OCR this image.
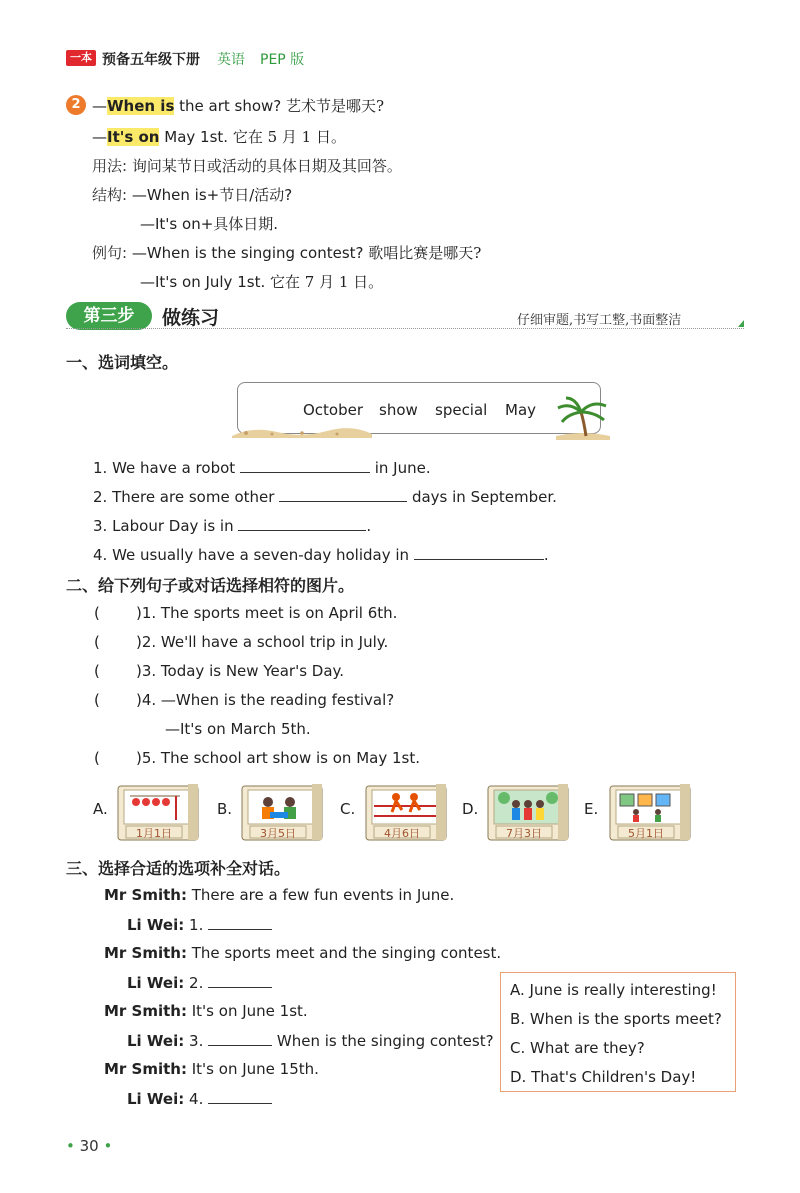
一本 预备五年级下册 英语 PEP 版
2 —When is the art show? 艺术节是哪天?
—It's on May 1st. 它在 5 月 1 日。
用法: 询问某节日或活动的具体日期及其回答。
结构: —When is+节日/活动?
—It's on+具体日期.
例句: —When is the singing contest? 歌唱比赛是哪天?
—It's on July 1st. 它在 7 月 1 日。
第三步	做练习	仔细审题,书写工整,书面整洁
一、选词填空。
October show special May
1. We have a robot	in June.
2. There are some other	days in September.
3. Labour Day is in	.
4. We usually have a seven-day holiday in	.
二、给下列句子或对话选择相符的图片。
( )1. The sports meet is on April 6th.
( )2. We'll have a school trip in July.
( )3. Today is New Year's Day.
( )4. —When is the reading festival?
—It's on March 5th.
( )5. The school art show is on May 1st.
A.	B.	C.	D.	E.
1月1日	3月5日	4月6日	7月3日	5月1日
三、选择合适的选项补全对话。
Mr Smith: There are a few fun events in June.
Li Wei: 1.
Mr Smith: The sports meet and the singing contest.
Li Wei: 2.
Mr Smith: It's on June 1st.
Li Wei: 3.	When is the singing contest?
Mr Smith: It's on June 15th.
Li Wei: 4.
A. June is really interesting!
B. When is the sports meet?
C. What are they?
D. That's Children's Day!
• 30 •
